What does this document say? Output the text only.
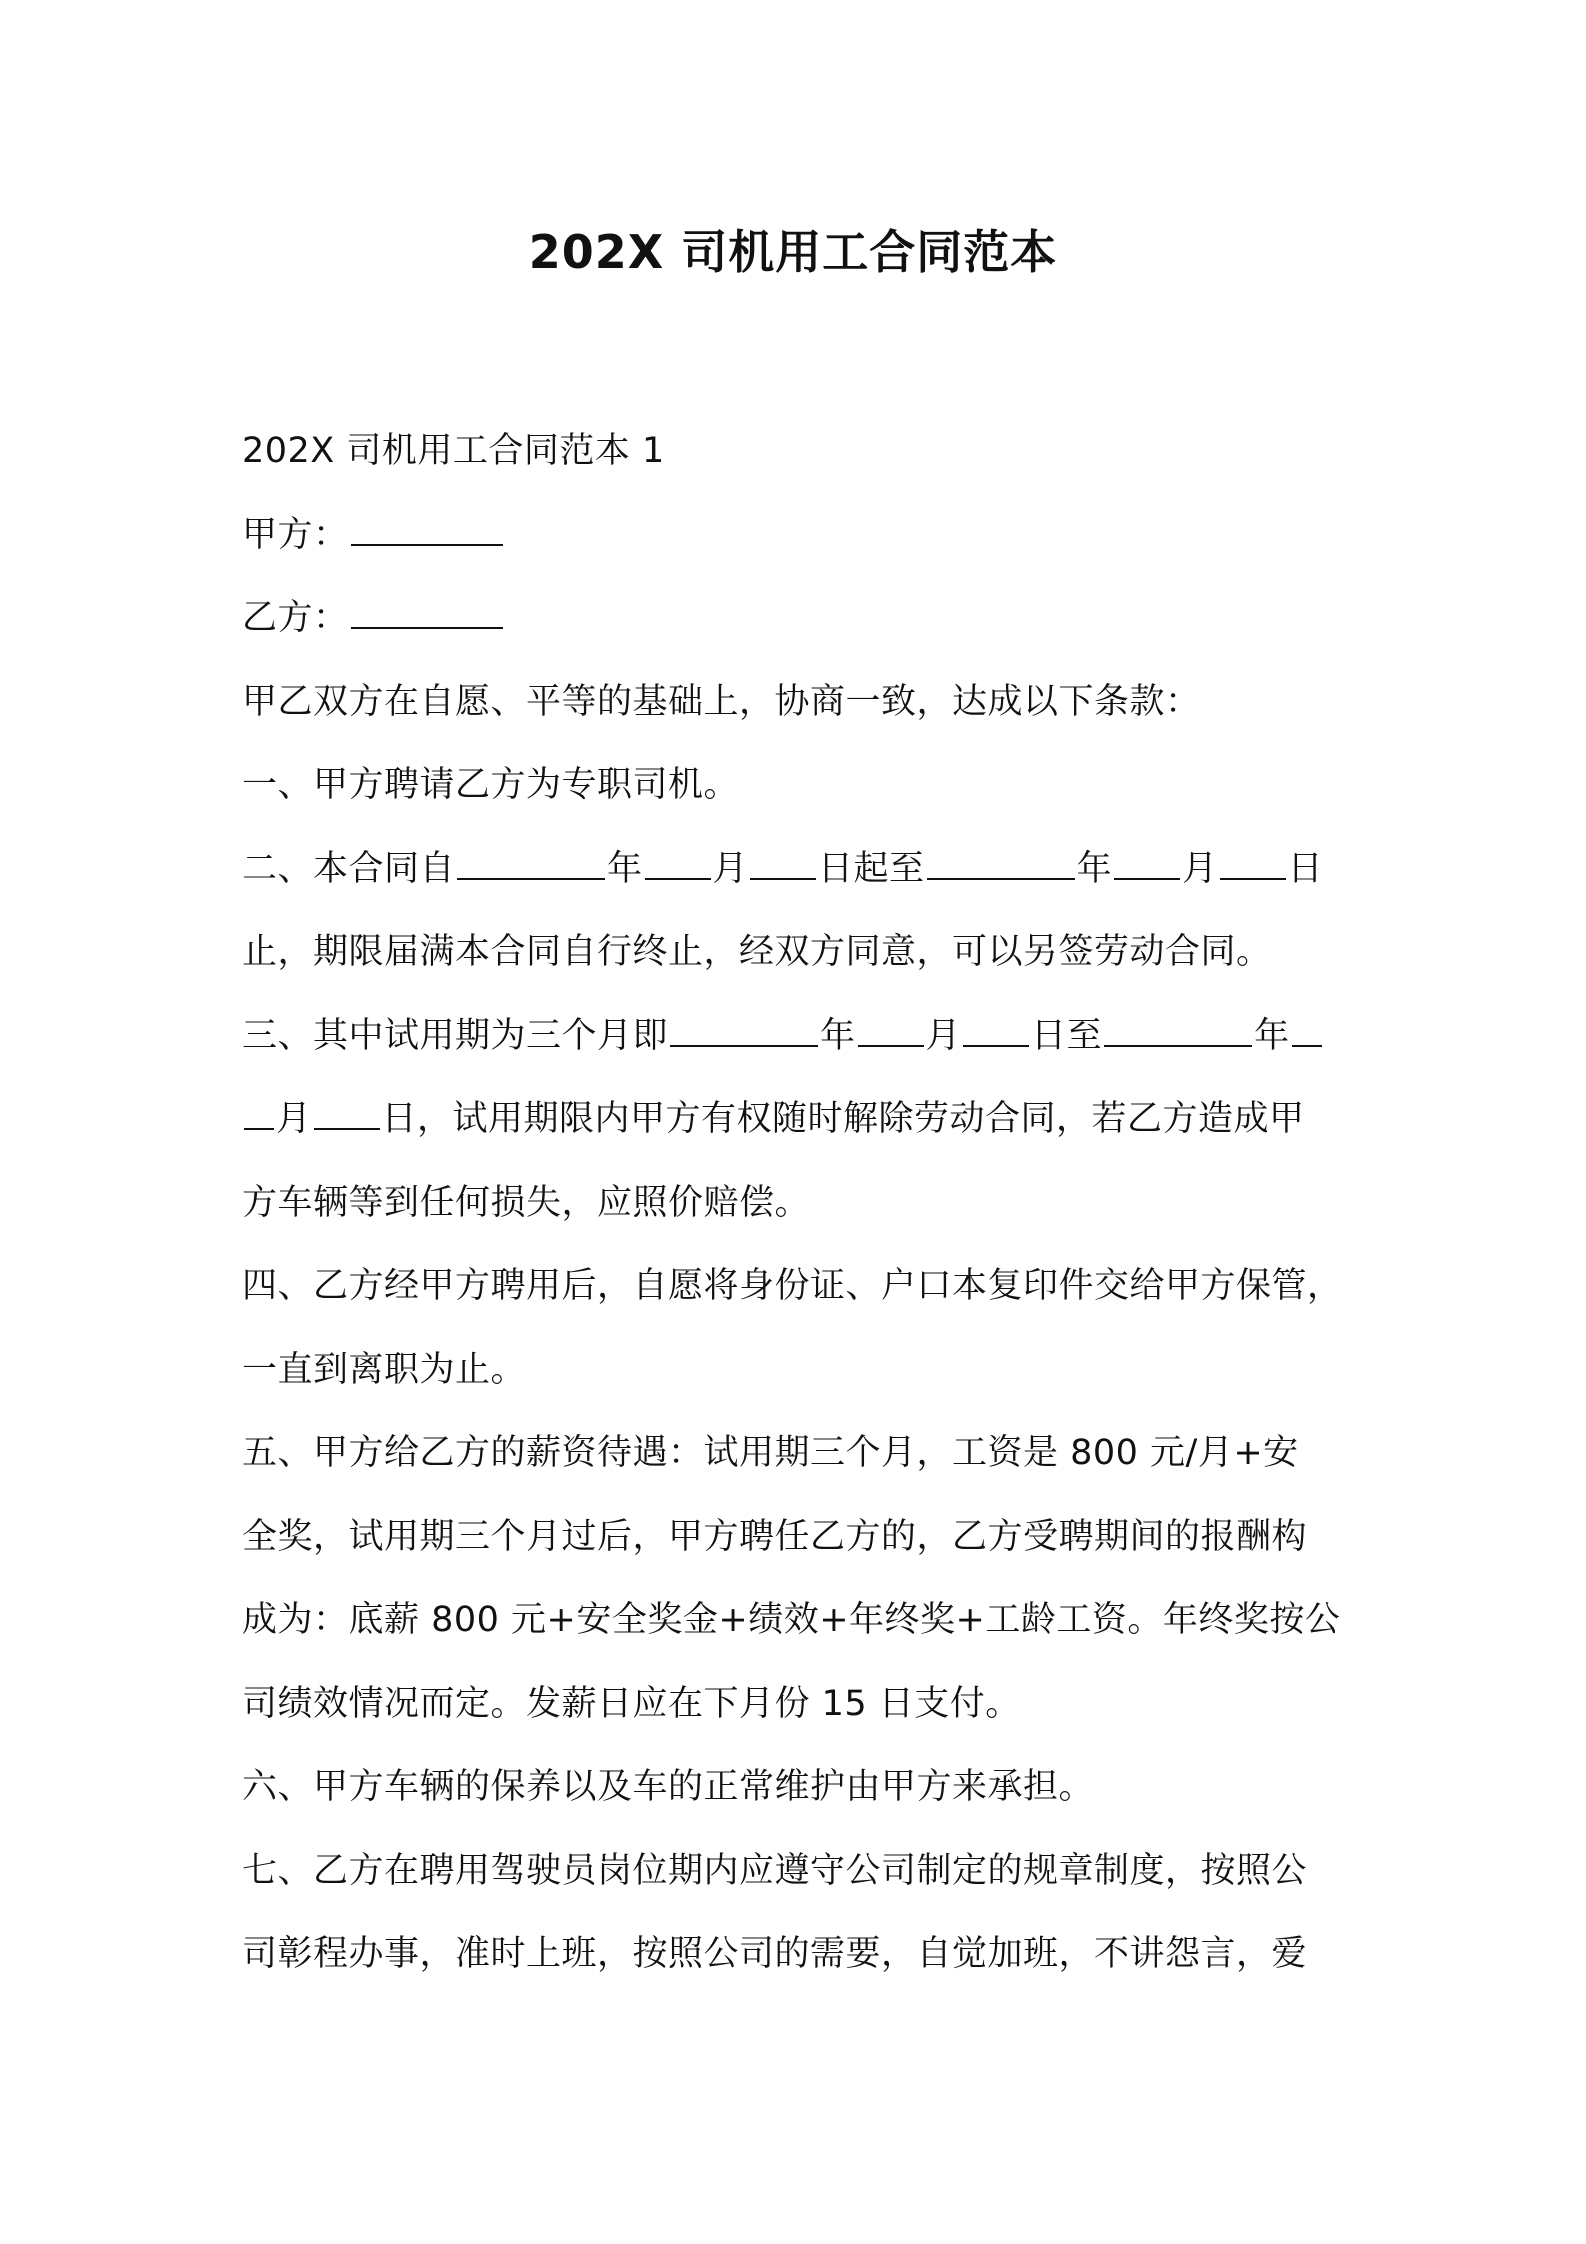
202X 司机用工合同范本
202X 司机用工合同范本 1
甲方：
乙方：
甲乙双方在自愿、平等的基础上，协商一致，达成以下条款：
一、甲方聘请乙方为专职司机。
二、本合同自	年 月 日起至	年 月 日
止，期限届满本合同自行终止，经双方同意，可以另签劳动合同。
三、其中试用期为三个月即	年 月 日至	年
月 日，试用期限内甲方有权随时解除劳动合同，若乙方造成甲
方车辆等到任何损失，应照价赔偿。
四、乙方经甲方聘用后，自愿将身份证、户口本复印件交给甲方保管，
一直到离职为止。
五、甲方给乙方的薪资待遇：试用期三个月，工资是 800 元/月+安
全奖，试用期三个月过后，甲方聘任乙方的，乙方受聘期间的报酬构
成为：底薪 800 元+安全奖金+绩效+年终奖+工龄工资。年终奖按公
司绩效情况而定。发薪日应在下月份 15 日支付。
六、甲方车辆的保养以及车的正常维护由甲方来承担。
七、乙方在聘用驾驶员岗位期内应遵守公司制定的规章制度，按照公
司彰程办事，准时上班，按照公司的需要，自觉加班，不讲怨言，爱
